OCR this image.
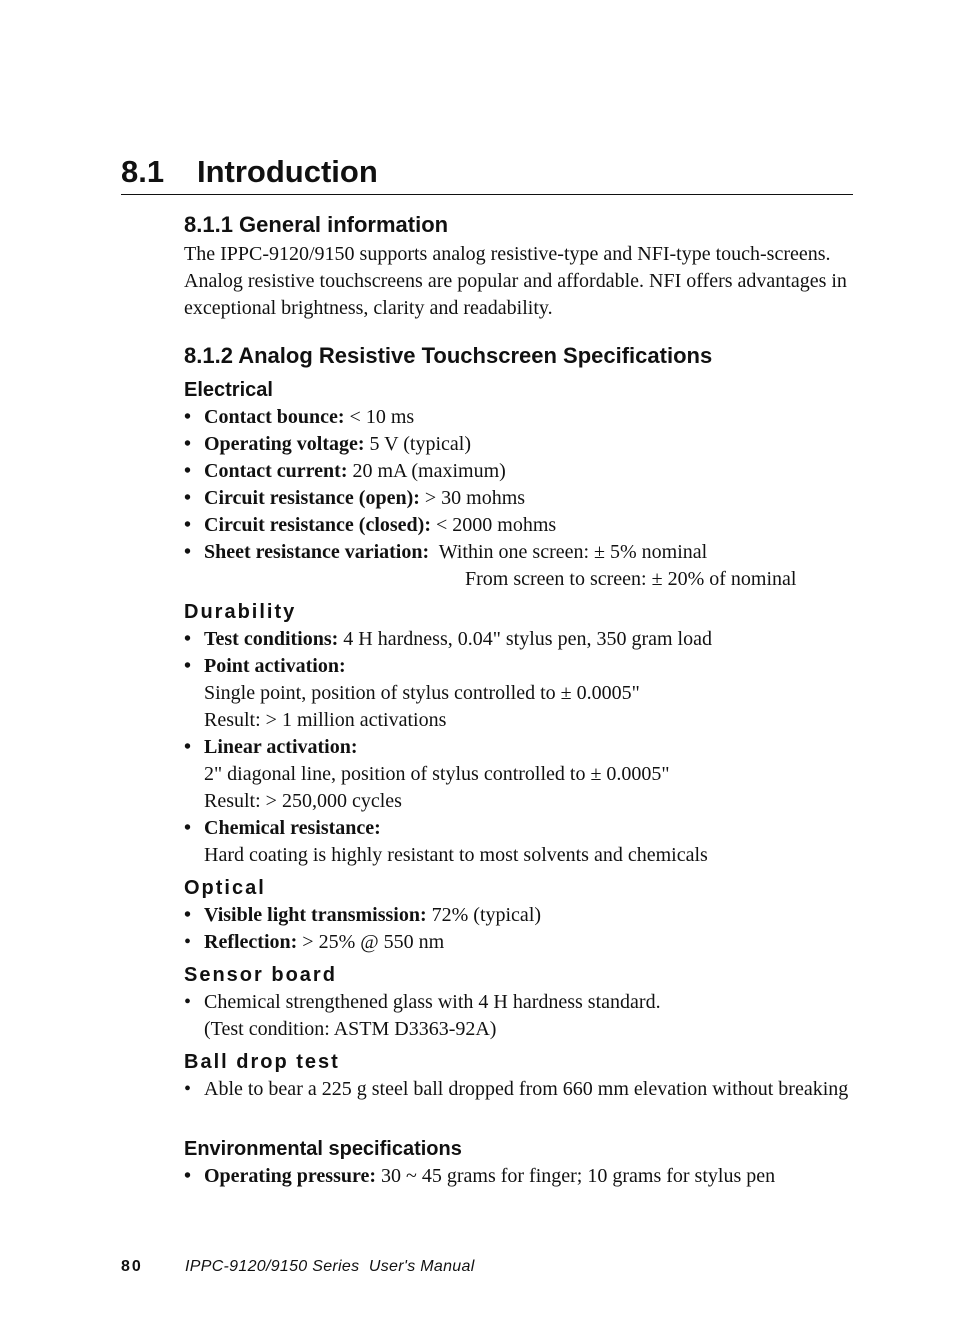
8.1 Introduction
8.1.1 General information
The IPPC-9120/9150 supports analog resistive-type and NFI-type touch-screens. Analog resistive touchscreens are popular and affordable. NFI offers advantages in exceptional brightness, clarity and readability.
8.1.2 Analog Resistive Touchscreen Specifications
Electrical
• Contact bounce: < 10 ms
• Operating voltage: 5 V (typical)
• Contact current: 20 mA (maximum)
• Circuit resistance (open): > 30 mohms
• Circuit resistance (closed): < 2000 mohms
• Sheet resistance variation:  Within one screen: ± 5% nominal
From screen to screen: ± 20% of nominal
Durability
• Test conditions: 4 H hardness, 0.04" stylus pen, 350 gram load
• Point activation:
Single point, position of stylus controlled to ± 0.0005"
Result: > 1 million activations
• Linear activation:
2" diagonal line, position of stylus controlled to ± 0.0005"
Result: > 250,000 cycles
• Chemical resistance:
Hard coating is highly resistant to most solvents and chemicals
Optical
• Visible light transmission: 72% (typical)
• Reflection: > 25% @ 550 nm
Sensor board
• Chemical strengthened glass with 4 H hardness standard.
(Test condition: ASTM D3363-92A)
Ball drop test
• Able to bear a 225 g steel ball dropped from 660 mm elevation without breaking
Environmental specifications
• Operating pressure: 30 ~ 45 grams for finger; 10 grams for stylus pen
80	IPPC-9120/9150 Series  User's Manual
